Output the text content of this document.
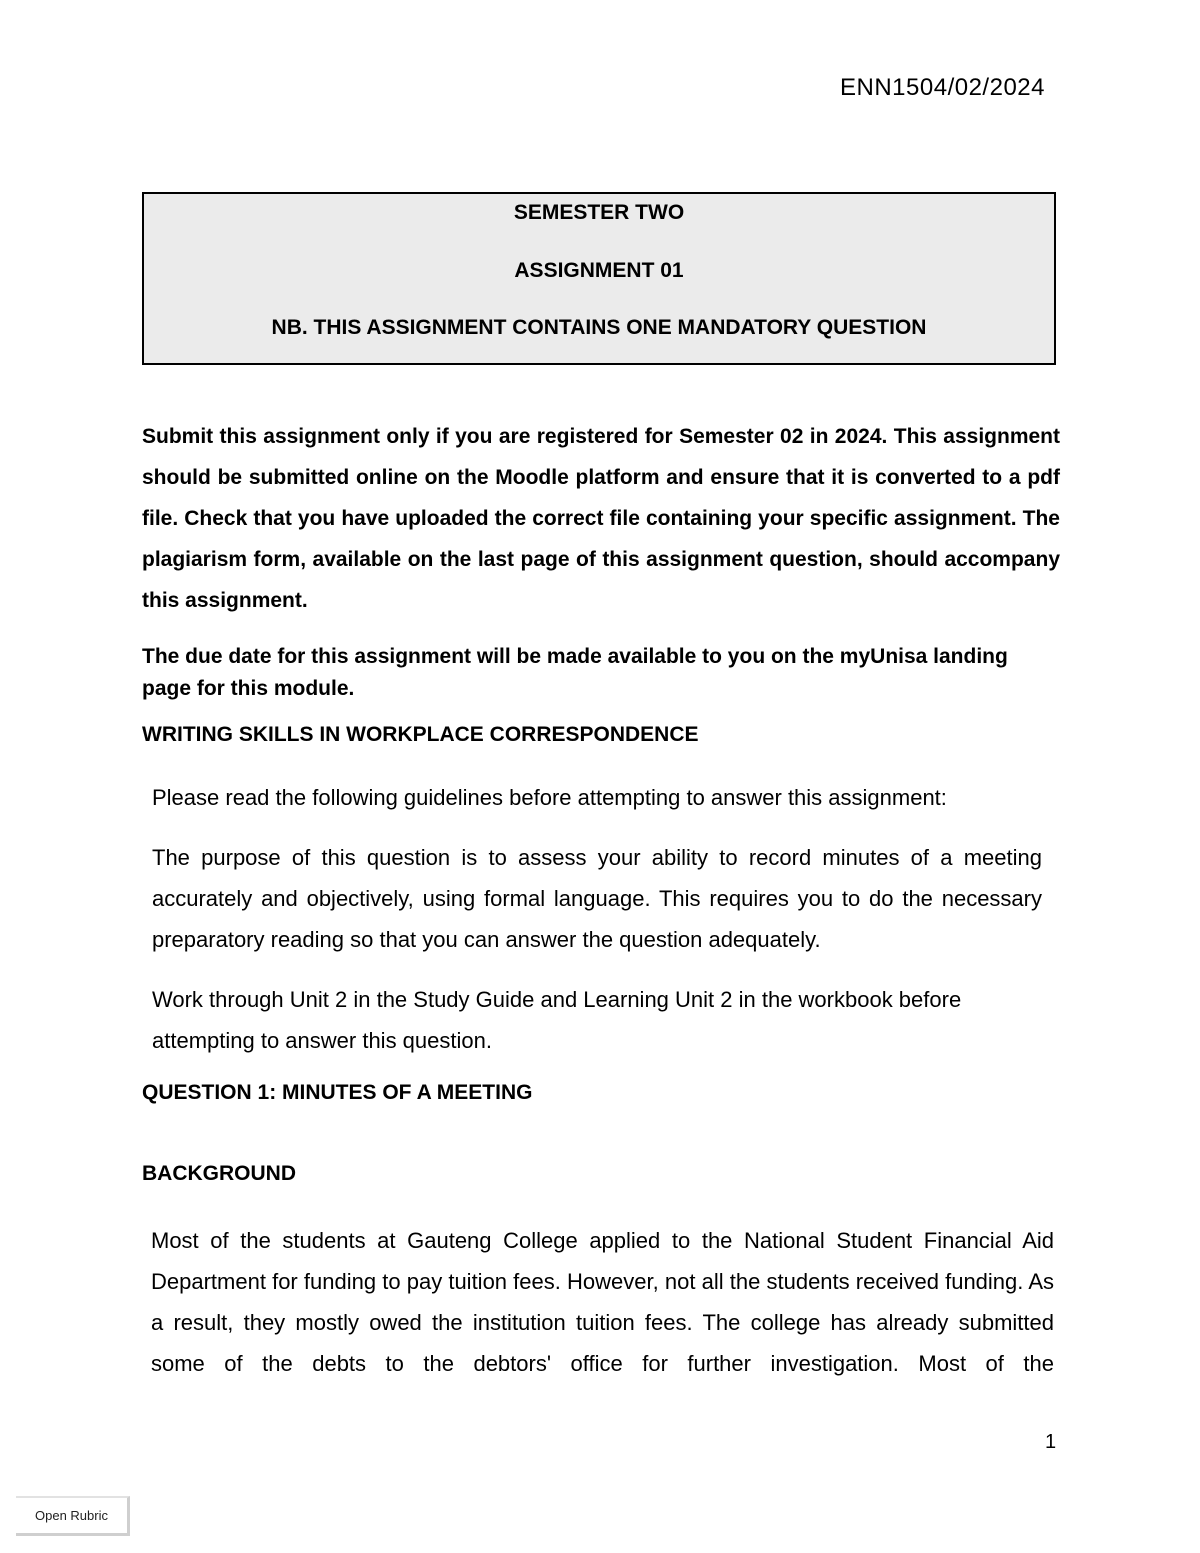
ENN1504/02/2024
SEMESTER TWO
ASSIGNMENT 01
NB. THIS ASSIGNMENT CONTAINS ONE MANDATORY QUESTION

Submit this assignment only if you are registered for Semester 02 in 2024. This assignment should be submitted online on the Moodle platform and ensure that it is converted to a pdf file. Check that you have uploaded the correct file containing your specific assignment. The plagiarism form, available on the last page of this assignment question, should accompany this assignment.

The due date for this assignment will be made available to you on the myUnisa landing page for this module.

WRITING SKILLS IN WORKPLACE CORRESPONDENCE

Please read the following guidelines before attempting to answer this assignment:

The purpose of this question is to assess your ability to record minutes of a meeting accurately and objectively, using formal language. This requires you to do the necessary preparatory reading so that you can answer the question adequately.

Work through Unit 2 in the Study Guide and Learning Unit 2 in the workbook before attempting to answer this question.

QUESTION 1: MINUTES OF A MEETING
BACKGROUND

Most of the students at Gauteng College applied to the National Student Financial Aid Department for funding to pay tuition fees. However, not all the students received funding. As a result, they mostly owed the institution tuition fees. The college has already submitted some of the debts to the debtors' office for further investigation. Most of the

1
Open Rubric
